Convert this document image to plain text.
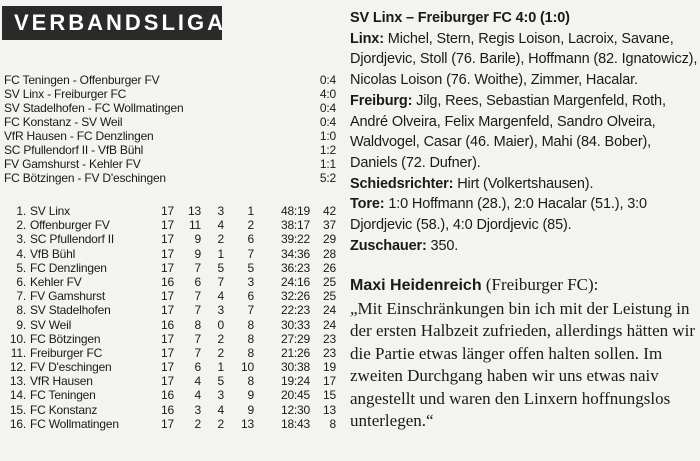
VERBANDSLIGA
FC Teningen - Offenburger FV	0:4
SV Linx - Freiburger FC	4:0
SV Stadelhofen - FC Wollmatingen	0:4
FC Konstanz - SV Weil	0:4
VfR Hausen - FC Denzlingen	1:0
SC Pfullendorf II - VfB Bühl	1:2
FV Gamshurst - Kehler FV	1:1
FC Bötzingen - FV D'eschingen	5:2
1. SV Linx	17 13 3	1	48:19	42
2. Offenburger FV	17 11 4	2	38:17	37
3. SC Pfullendorf II	17	9 2	6	39:22	29
4. VfB Bühl	17	9 1	7	34:36	28
5. FC Denzlingen	17	7 5	5	36:23	26
6. Kehler FV	16	6 7	3	24:16	25
7. FV Gamshurst	17	7 4	6	32:26	25
8. SV Stadelhofen	17	7 3	7	22:23	24
9. SV Weil	16	8 0	8	30:33	24
10. FC Bötzingen	17	7 2	8	27:29	23
11. Freiburger FC	17	7 2	8	21:26	23
12. FV D'eschingen	17	6 1 10	30:38	19
13. VfR Hausen	17	4 5	8	19:24	17
14. FC Teningen	16	4 3	9	20:45	15
15. FC Konstanz	16	3 4	9	12:30	13
16. FC Wollmatingen	17	2 2 13	18:43	8

SV Linx – Freiburger FC 4:0 (1:0)

Linx: Michel, Stern, Regis Loison, Lacroix, Savane, Djordjevic, Stoll (76. Barile), Hoffmann (82. Ignatowicz), Nicolas Loison (76. Woithe), Zimmer, Hacalar. Freiburg: Jilg, Rees, Sebastian Margenfeld, Roth, André Olveira, Felix Margenfeld, Sandro Olveira, Waldvogel, Casar (46. Maier), Mahi (84. Bober), Daniels (72. Dufner).

Schiedsrichter: Hirt (Volkertshausen).

Tore: 1:0 Hoffmann (28.), 2:0 Hacalar (51.), 3:0 Djordjevic (58.), 4:0 Djordjevic (85).

Zuschauer: 350.

Maxi Heidenreich (Freiburger FC):
„Mit Einschränkungen bin ich mit der Leistung in der ersten Halbzeit zufrieden, allerdings hätten wir die Partie etwas länger offen halten sollen. Im zweiten Durchgang haben wir uns etwas naiv angestellt und waren den Linxern hoffnungslos unterlegen.“
